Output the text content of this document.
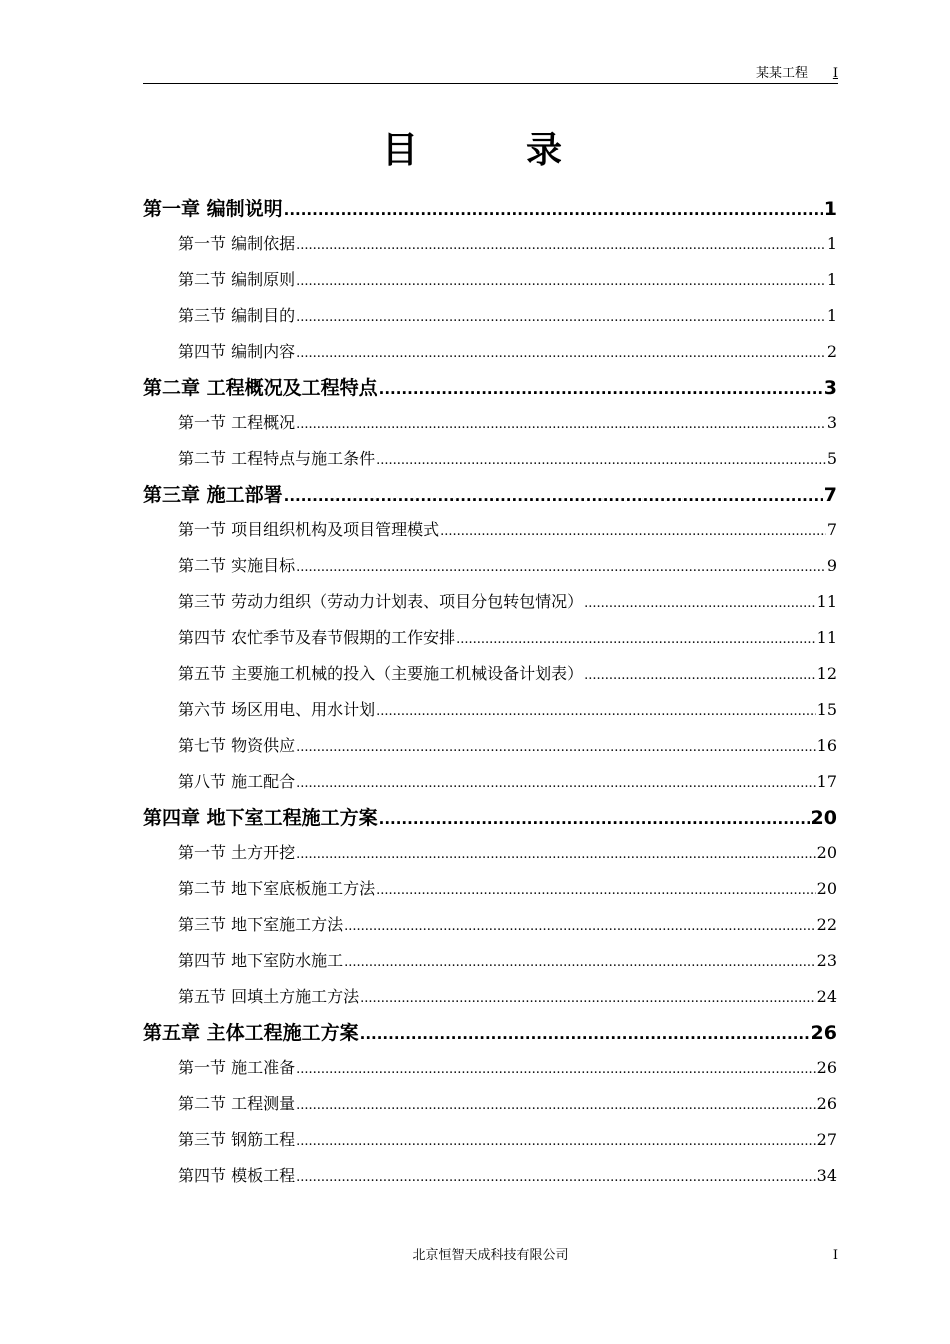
某某工程 I
目　录
第一章 编制说明 .....	1
第一节 编制依据 .....	1
第二节 编制原则 .....	1
第三节 编制目的 .....	1
第四节 编制内容 .....	2
第二章 工程概况及工程特点 .....	3
第一节 工程概况 .....	3
第二节 工程特点与施工条件 .....	5
第三章 施工部署 .....	7
第一节 项目组织机构及项目管理模式 .....	7
第二节 实施目标 .....	9
第三节 劳动力组织（劳动力计划表、项目分包转包情况） .....	11
第四节 农忙季节及春节假期的工作安排 .....	11
第五节 主要施工机械的投入（主要施工机械设备计划表） .....	12
第六节 场区用电、用水计划 .....	15
第七节 物资供应 .....	16
第八节 施工配合 .....	17
第四章 地下室工程施工方案 .....	20
第一节 土方开挖 .....	20
第二节 地下室底板施工方法 .....	20
第三节 地下室施工方法 .....	22
第四节 地下室防水施工 .....	23
第五节 回填土方施工方法 .....	24
第五章 主体工程施工方案 .....	26
第一节 施工准备 .....	26
第二节 工程测量 .....	26
第三节 钢筋工程 .....	27
第四节 模板工程 .....	34
北京恒智天成科技有限公司	I
